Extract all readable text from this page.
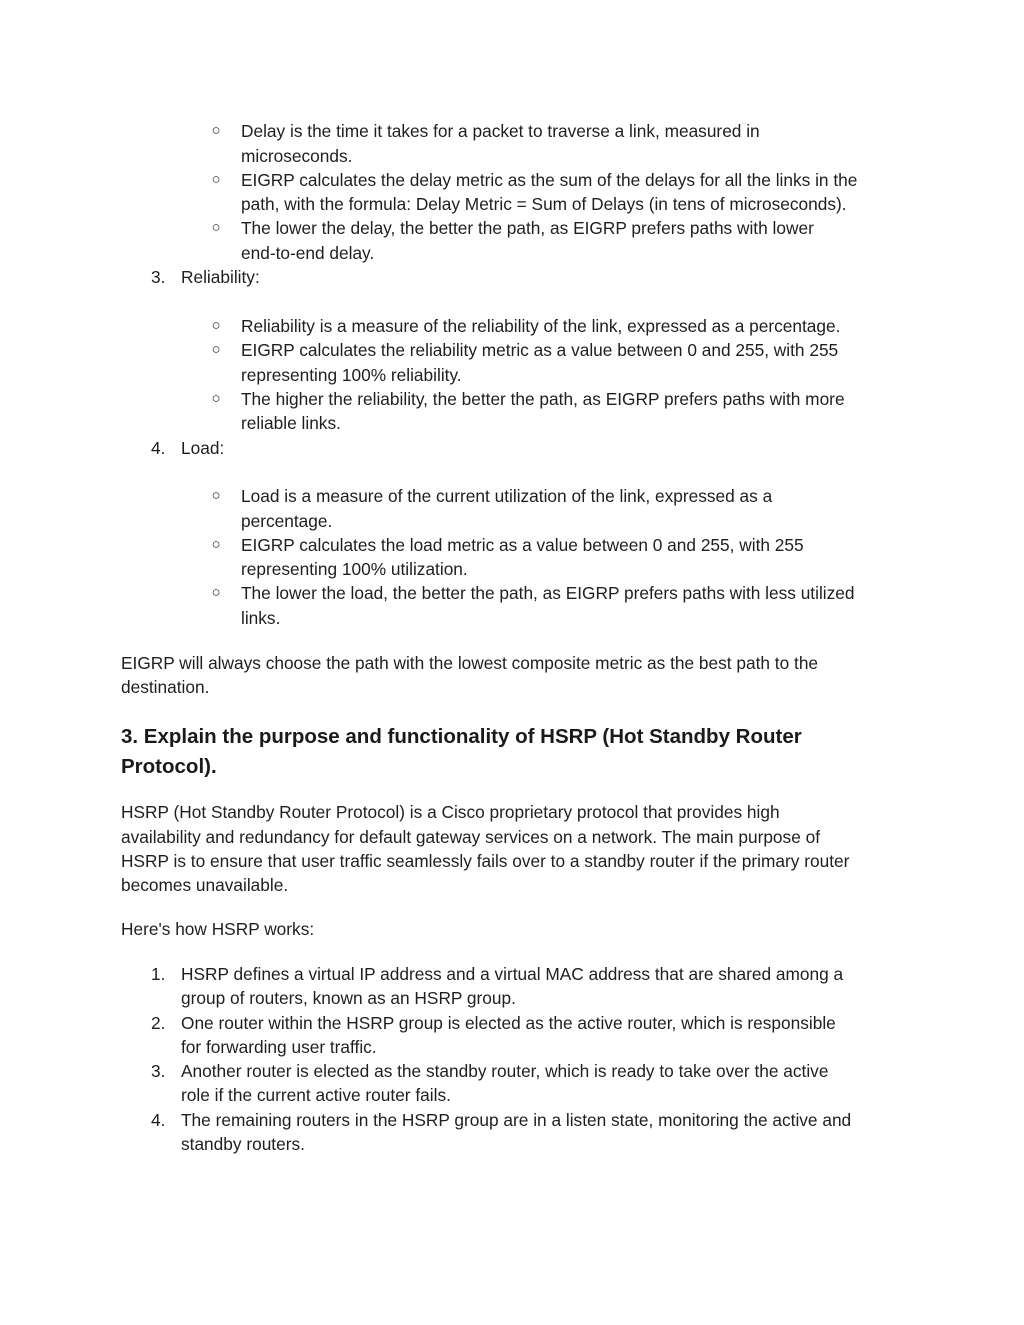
○ Delay is the time it takes for a packet to traverse a link, measured in
microseconds.
○ EIGRP calculates the delay metric as the sum of the delays for all the links in the
path, with the formula: Delay Metric = Sum of Delays (in tens of microseconds).
○ The lower the delay, the better the path, as EIGRP prefers paths with lower
end-to-end delay.
3. Reliability:
○ Reliability is a measure of the reliability of the link, expressed as a percentage.
○ EIGRP calculates the reliability metric as a value between 0 and 255, with 255
representing 100% reliability.
○ The higher the reliability, the better the path, as EIGRP prefers paths with more
reliable links.
4. Load:
○ Load is a measure of the current utilization of the link, expressed as a
percentage.
○ EIGRP calculates the load metric as a value between 0 and 255, with 255
representing 100% utilization.
○ The lower the load, the better the path, as EIGRP prefers paths with less utilized
links.
EIGRP will always choose the path with the lowest composite metric as the best path to the
destination.
3. Explain the purpose and functionality of HSRP (Hot Standby Router
Protocol).
HSRP (Hot Standby Router Protocol) is a Cisco proprietary protocol that provides high
availability and redundancy for default gateway services on a network. The main purpose of
HSRP is to ensure that user traffic seamlessly fails over to a standby router if the primary router
becomes unavailable.
Here's how HSRP works:
1. HSRP defines a virtual IP address and a virtual MAC address that are shared among a
group of routers, known as an HSRP group.
2. One router within the HSRP group is elected as the active router, which is responsible
for forwarding user traffic.
3. Another router is elected as the standby router, which is ready to take over the active
role if the current active router fails.
4. The remaining routers in the HSRP group are in a listen state, monitoring the active and
standby routers.
